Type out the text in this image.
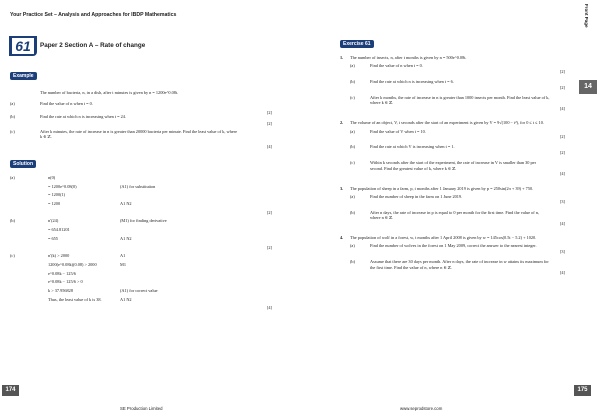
Your Practice Set – Analysis and Approaches for IBDP Mathematics	Front Page
61	Paper 2 Section A – Rate of change
Example
The number of bacteria, n, in a dish, after t minutes is given by n = 1200e^0.08t.
(a)	Find the value of n when t = 0.
[2]
(b)	Find the rate at which n is increasing when t = 24.
[2]
(c)	After k minutes, the rate of increase in n is greater than 20000 bacteria per minute. Find the least value of k, where k ∈ ℤ.
[4]
Solution
(a)	n(0)
= 1200e^0.08(0)	(A1) for substitution
= 1200(1)
= 1200	A1 N2
[2]
(b)	n′(24)	(M1) for finding derivative
= 654.81201
= 655	A1 N2
[2]
(c)	n′(k) > 2000	A1
1200(e^0.08k)(0.08) > 2000	M1
e^0.08k − 125/6
e^0.08k − 125/6 > 0
k > 37.956828	(A1) for correct value
Thus, the least value of k is 38.	A1 N2
[4]
Exercise 61
1. The number of insects, n, after t months is given by n = 500e^0.08t.
(a)	Find the value of n when t = 0.
[2]
(b)	Find the rate at which n is increasing when t = 6.
[2]
(c)	After k months, the rate of increase in n is greater than 1000 insects per month. Find the least value of k, where k ∈ ℤ.
[4]
2. The volume of an object, V, t seconds after the start of an experiment is given by V = 9√(100 − t²), for 0 ≤ t ≤ 10.
(a)	Find the value of V when t = 10.
[2]
(b)	Find the rate at which V is increasing when t = 1.
[2]
(c)	Within k seconds after the start of the experiment, the rate of increase in V is smaller than 30 per second. Find the greatest value of k, where k ∈ ℤ.
[4]
3. The population of sheep in a farm, p, t months after 1 January 2019 is given by p = 250sin(2π + 39) + 750.
(a)	Find the number of sheep in the farm on 1 June 2019.
[3]
(b)	After n days, the rate of increase in p is equal to 0 per month for the first time. Find the value of n, where n ∈ ℤ.
[4]
4. The population of wolf in a forest, w, t months after 1 April 2008 is given by w = 145cos(0.5t − 5.2) + 1020.
(a)	Find the number of wolves in the forest on 1 May 2009, correct the answer to the nearest integer.
[3]
(b)	Assume that there are 30 days per month. After n days, the rate of increase in w attains its maximum for the first time. Find the value of n, where n ∈ ℤ.
[4]
14
174	175
SE Production Limited	www.seprodstore.com
